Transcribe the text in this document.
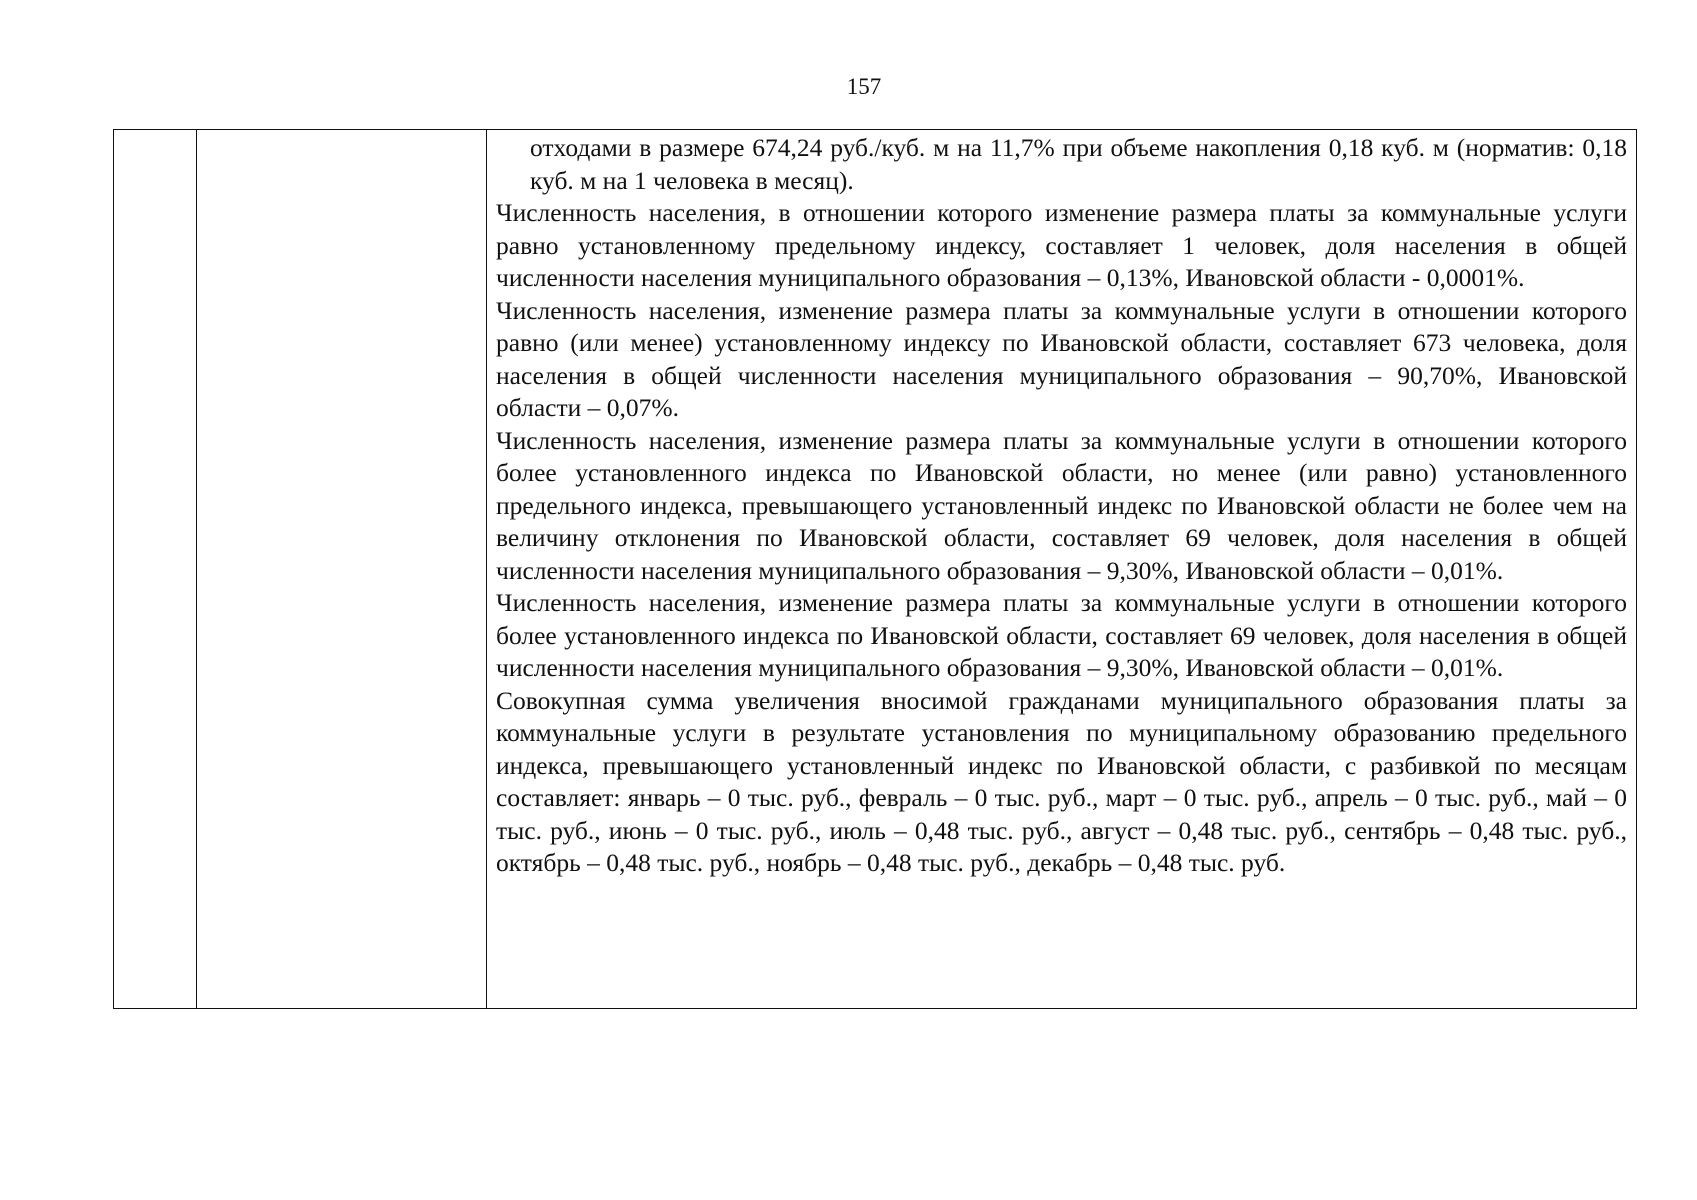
157

отходами в размере 674,24 руб./куб. м на 11,7% при объеме накопления 0,18 куб. м (норматив: 0,18 куб. м на 1 человека в месяц).

Численность населения, в отношении которого изменение размера платы за коммунальные услуги равно установленному предельному индексу, составляет 1 человек, доля населения в общей численности населения муниципального образования – 0,13%, Ивановской области - 0,0001%.

Численность населения, изменение размера платы за коммунальные услуги в отношении которого равно (или менее) установленному индексу по Ивановской области, составляет 673 человека, доля населения в общей численности населения муниципального образования – 90,70%, Ивановской области – 0,07%.

Численность населения, изменение размера платы за коммунальные услуги в отношении которого более установленного индекса по Ивановской области, но менее (или равно) установленного предельного индекса, превышающего установленный индекс по Ивановской области не более чем на величину отклонения по Ивановской области, составляет 69 человек, доля населения в общей численности населения муниципального образования – 9,30%, Ивановской области – 0,01%.

Численность населения, изменение размера платы за коммунальные услуги в отношении которого более установленного индекса по Ивановской области, составляет 69 человек, доля населения в общей численности населения муниципального образования – 9,30%, Ивановской области – 0,01%.

Совокупная сумма увеличения вносимой гражданами муниципального образования платы за коммунальные услуги в результате установления по муниципальному образованию предельного индекса, превышающего установленный индекс по Ивановской области, с разбивкой по месяцам составляет: январь – 0 тыс. руб., февраль – 0 тыс. руб., март – 0 тыс. руб., апрель – 0 тыс. руб., май – 0 тыс. руб., июнь – 0 тыс. руб., июль – 0,48 тыс. руб., август – 0,48 тыс. руб., сентябрь – 0,48 тыс. руб., октябрь – 0,48 тыс. руб., ноябрь – 0,48 тыс. руб., декабрь – 0,48 тыс. руб.
